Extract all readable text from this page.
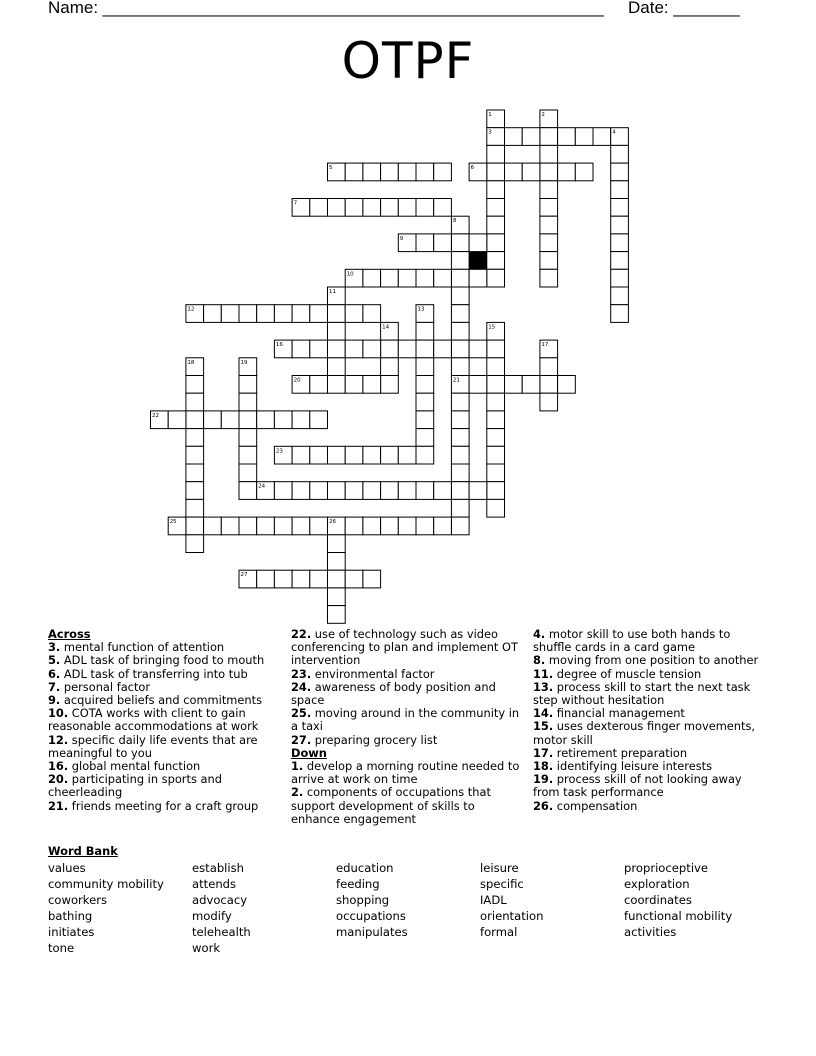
Name: _____________________________________________________ Date: _______
OTPF
1	2
3	4
5	6
7
8
9
10
11
12	13
14	15
16	17
18	19
20	21
22
23
24
25	26
27
Across
3. mental function of attention
5. ADL task of bringing food to mouth
6. ADL task of transferring into tub
7. personal factor
9. acquired beliefs and commitments
10. COTA works with client to gain reasonable accommodations at work
12. specific daily life events that are meaningful to you
16. global mental function
20. participating in sports and cheerleading
21. friends meeting for a craft group
22. use of technology such as video conferencing to plan and implement OT intervention
23. environmental factor
24. awareness of body position and space
25. moving around in the community in a taxi
27. preparing grocery list
Down
1. develop a morning routine needed to arrive at work on time
2. components of occupations that support development of skills to enhance engagement
4. motor skill to use both hands to shuffle cards in a card game
8. moving from one position to another
11. degree of muscle tension
13. process skill to start the next task step without hesitation
14. financial management
15. uses dexterous finger movements, motor skill
17. retirement preparation
18. identifying leisure interests
19. process skill of not looking away from task performance
26. compensation
Word Bank
values
community mobility
coworkers
bathing
initiates
tone
establish
attends
advocacy
modify
telehealth
work
education
feeding
shopping
occupations
manipulates
leisure
specific
IADL
orientation
formal
proprioceptive
exploration
coordinates
functional mobility
activities
